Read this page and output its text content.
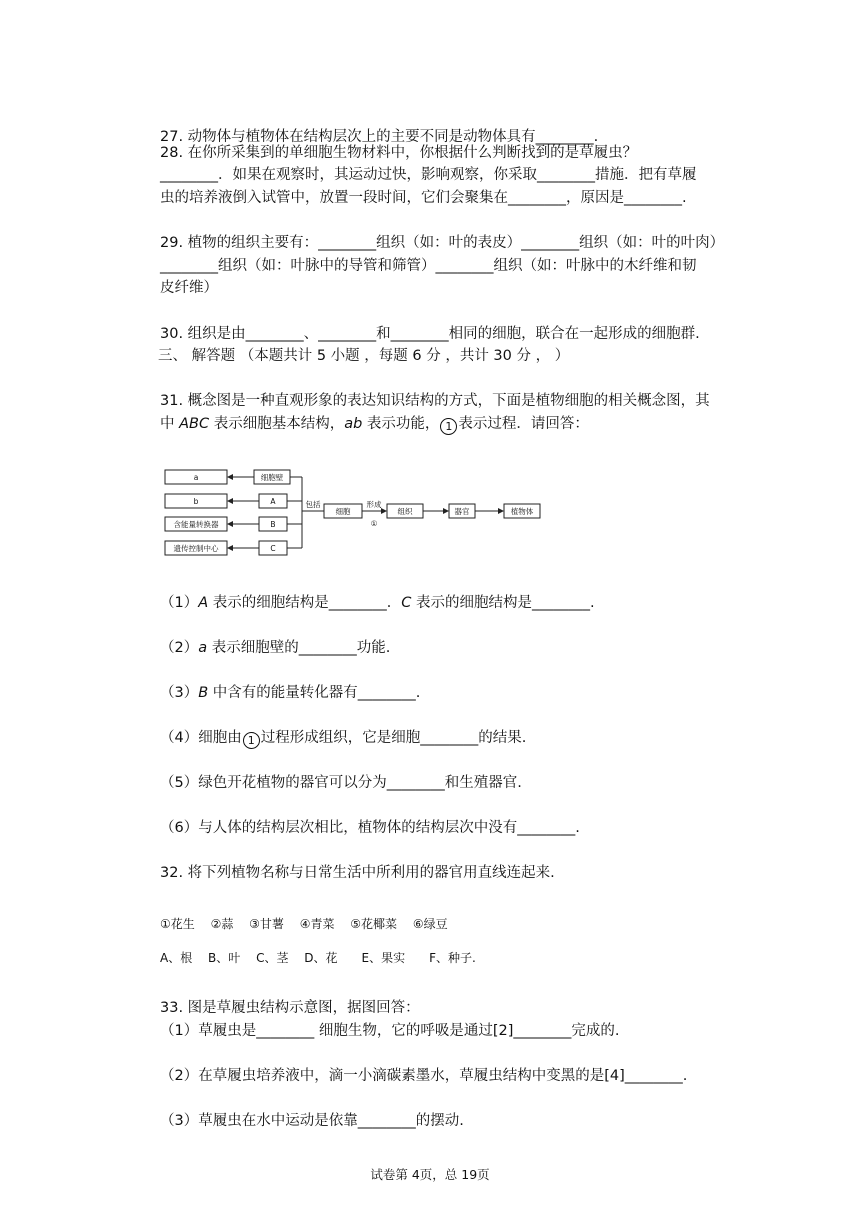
27. 动物体与植物体在结构层次上的主要不同是动物体具有________.
28. 在你所采集到的单细胞生物材料中，你根据什么判断找到的是草履虫？
________．如果在观察时，其运动过快，影响观察，你采取________措施．把有草履
虫的培养液倒入试管中，放置一段时间，它们会聚集在________，原因是________.
29. 植物的组织主要有：________组织（如：叶的表皮）________组织（如：叶的叶肉）
________组织（如：叶脉中的导管和筛管）________组织（如：叶脉中的木纤维和韧
皮纤维）
30. 组织是由________、________和________相同的细胞，联合在一起形成的细胞群.
三、 解答题 （本题共计 5 小题 ，每题 6 分 ，共计 30 分 ， ）
31. 概念图是一种直观形象的表达知识结构的方式，下面是植物细胞的相关概念图，其
中 ABC 表示细胞基本结构，ab 表示功能， 1 表示过程．请回答：
a
b
含能量转换器
遗传控制中心
细胞壁
A
B
C
包括
细胞
形成
①
组织	器官	植物体
（1）A 表示的细胞结构是________．C 表示的细胞结构是________.
（2）a 表示细胞壁的________功能.
（3）B 中含有的能量转化器有________.
（4）细胞由 1 过程形成组织，它是细胞________的结果.
（5）绿色开花植物的器官可以分为________和生殖器官.
（6）与人体的结构层次相比，植物体的结构层次中没有________.
32. 将下列植物名称与日常生活中所利用的器官用直线连起来.
①花生　 ②蒜　 ③甘薯　 ④青菜　 ⑤花椰菜　 ⑥绿豆
A、根　 B、叶　 C、茎　 D、花　　E、果实　　F、种子.
33. 图是草履虫结构示意图，据图回答：
（1）草履虫是________ 细胞生物，它的呼吸是通过[2]________完成的.
（2）在草履虫培养液中，滴一小滴碳素墨水，草履虫结构中变黑的是[4]________.
（3）草履虫在水中运动是依靠________的摆动.
试卷第 4页，总 19页
